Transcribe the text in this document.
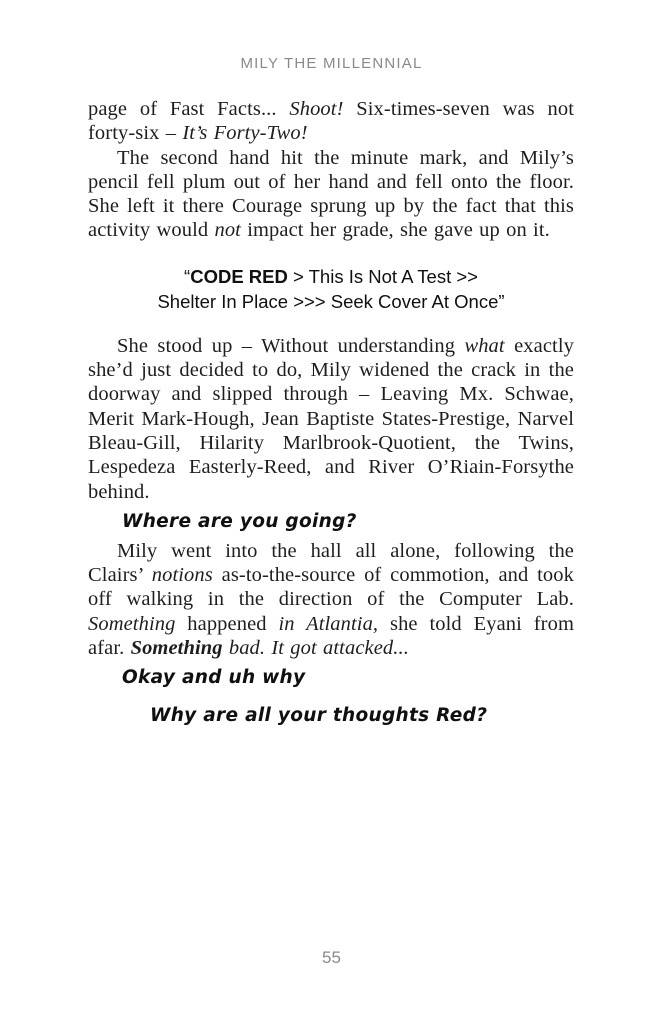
MILY THE MILLENNIAL

page of Fast Facts... Shoot! Six-times-seven was not forty-six – It’s Forty-Two!

The second hand hit the minute mark, and Mily’s pencil fell plum out of her hand and fell onto the floor. She left it there Courage sprung up by the fact that this activity would not impact her grade, she gave up on it.

“CODE RED > This Is Not A Test >>
Shelter In Place >>> Seek Cover At Once”

She stood up – Without understanding what exactly she’d just decided to do, Mily widened the crack in the doorway and slipped through – Leaving Mx. Schwae, Merit Mark-Hough, Jean Baptiste States-Prestige, Narvel Bleau-Gill, Hilarity Marlbrook-Quotient, the Twins, Lespedeza Easterly-Reed, and River O’Riain-Forsythe behind.

Where are you going?

Mily went into the hall all alone, following the Clairs’ notions as-to-the-source of commotion, and took off walking in the direction of the Computer Lab. Something happened in Atlantia, she told Eyani from afar. Something bad. It got attacked...

Okay and uh why

Why are all your thoughts Red?

55
